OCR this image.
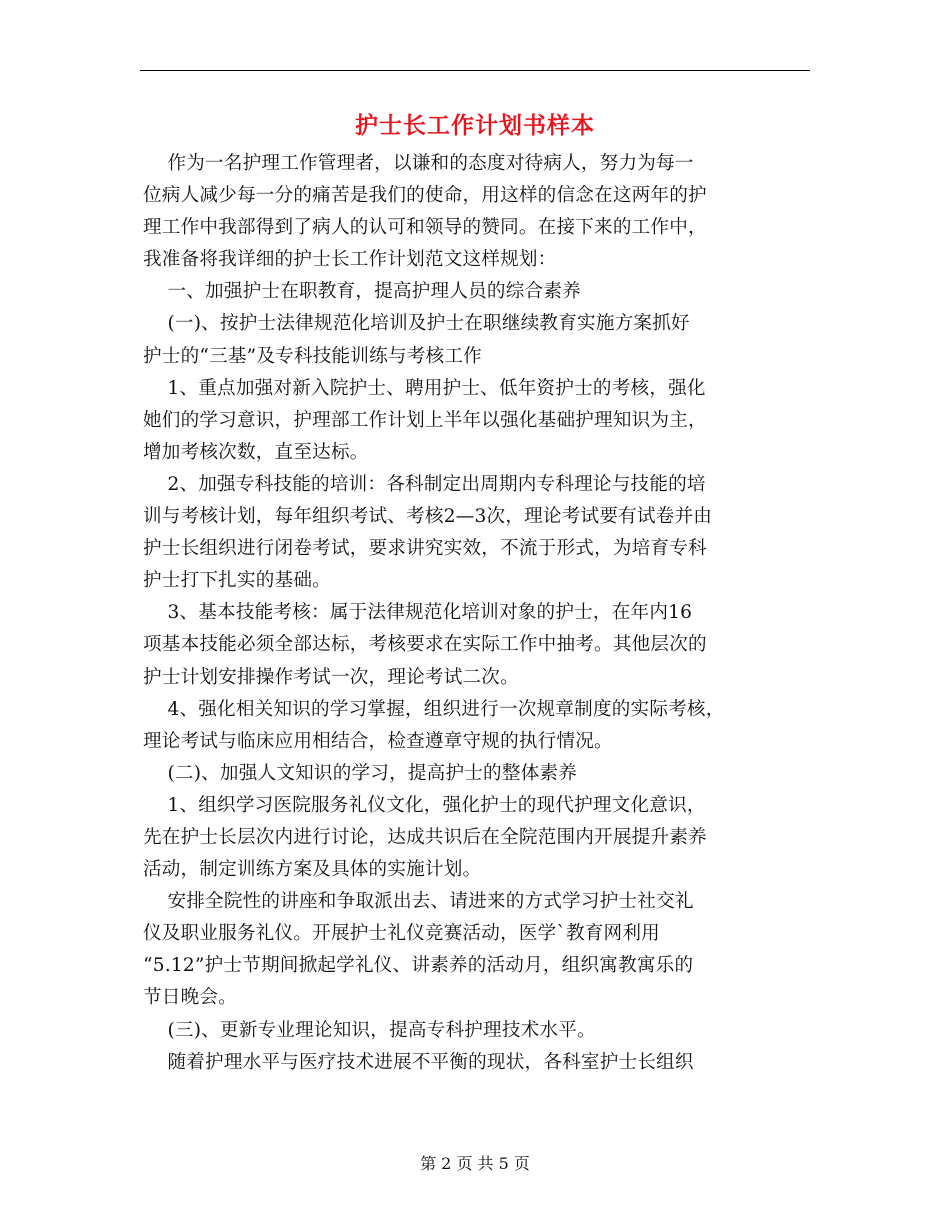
护士长工作计划书样本
作为一名护理工作管理者，以谦和的态度对待病人，努力为每一
位病人减少每一分的痛苦是我们的使命，用这样的信念在这两年的护
理工作中我部得到了病人的认可和领导的赞同。在接下来的工作中，
我准备将我详细的护士长工作计划范文这样规划：
一、加强护士在职教育，提高护理人员的综合素养
(一)、按护士法律规范化培训及护士在职继续教育实施方案抓好
护士的“三基”及专科技能训练与考核工作
1、重点加强对新入院护士、聘用护士、低年资护士的考核，强化
她们的学习意识，护理部工作计划上半年以强化基础护理知识为主，
增加考核次数，直至达标。
2、加强专科技能的培训：各科制定出周期内专科理论与技能的培
训与考核计划，每年组织考试、考核2—3次，理论考试要有试卷并由
护士长组织进行闭卷考试，要求讲究实效，不流于形式，为培育专科
护士打下扎实的基础。
3、基本技能考核：属于法律规范化培训对象的护士，在年内16
项基本技能必须全部达标，考核要求在实际工作中抽考。其他层次的
护士计划安排操作考试一次，理论考试二次。
4、强化相关知识的学习掌握，组织进行一次规章制度的实际考核，
理论考试与临床应用相结合，检查遵章守规的执行情况。
(二)、加强人文知识的学习，提高护士的整体素养
1、组织学习医院服务礼仪文化，强化护士的现代护理文化意识，
先在护士长层次内进行讨论，达成共识后在全院范围内开展提升素养
活动，制定训练方案及具体的实施计划。
安排全院性的讲座和争取派出去、请进来的方式学习护士社交礼
仪及职业服务礼仪。开展护士礼仪竞赛活动，医学`教育网利用
“5.12”护士节期间掀起学礼仪、讲素养的活动月，组织寓教寓乐的
节日晚会。
(三)、更新专业理论知识，提高专科护理技术水平。
随着护理水平与医疗技术进展不平衡的现状，各科室护士长组织
第 2 页 共 5 页
